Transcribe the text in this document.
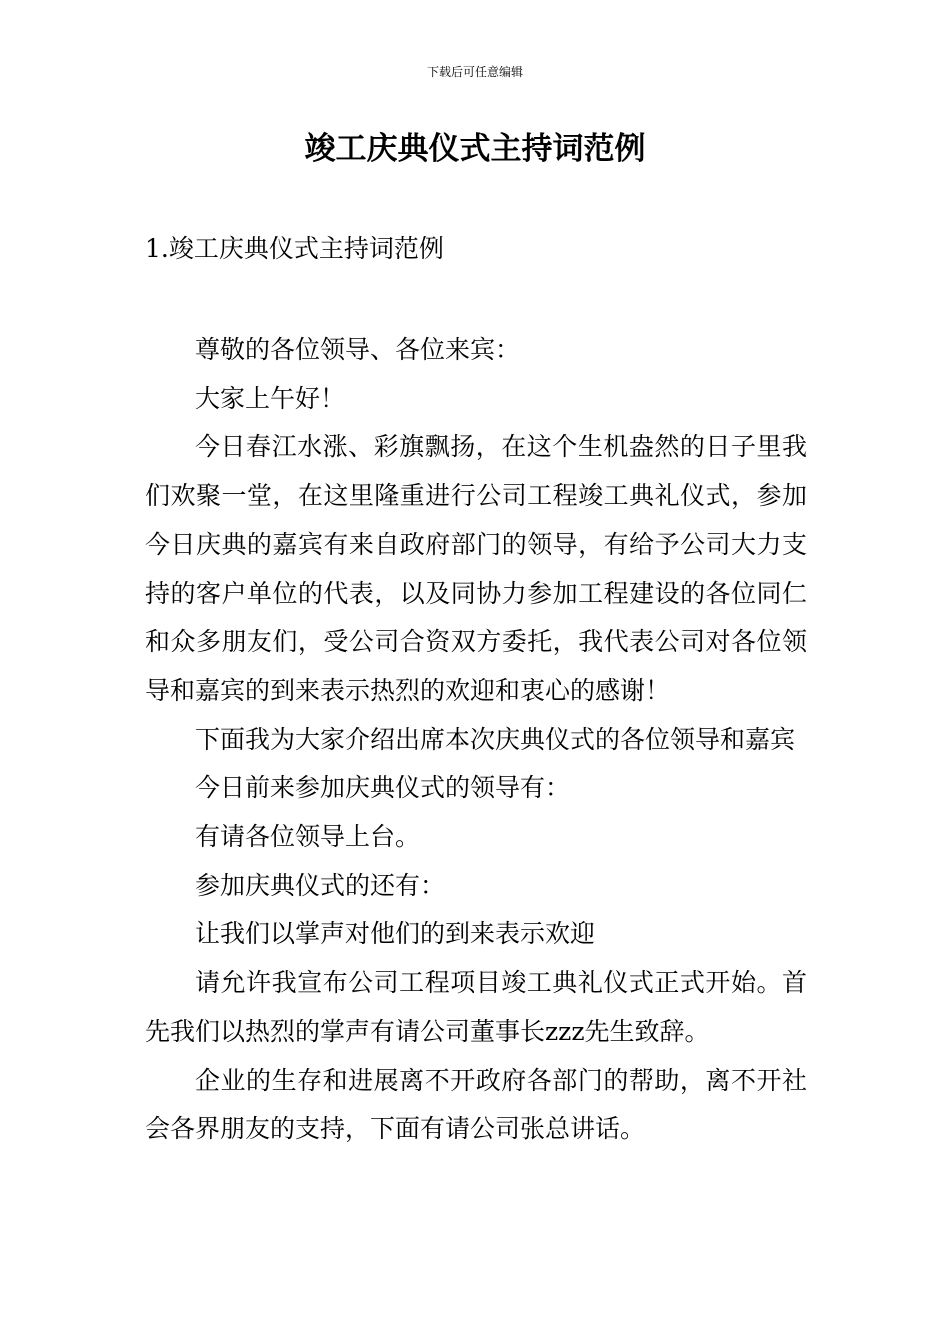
下载后可任意编辑
竣工庆典仪式主持词范例
1.竣工庆典仪式主持词范例

尊敬的各位领导、各位来宾：

大家上午好！

今日春江水涨、彩旗飘扬，在这个生机盎然的日子里我们欢聚一堂，在这里隆重进行公司工程竣工典礼仪式，参加今日庆典的嘉宾有来自政府部门的领导，有给予公司大力支持的客户单位的代表，以及同协力参加工程建设的各位同仁和众多朋友们，受公司合资双方委托，我代表公司对各位领导和嘉宾的到来表示热烈的欢迎和衷心的感谢！

下面我为大家介绍出席本次庆典仪式的各位领导和嘉宾

今日前来参加庆典仪式的领导有：

有请各位领导上台。

参加庆典仪式的还有：

让我们以掌声对他们的到来表示欢迎

请允许我宣布公司工程项目竣工典礼仪式正式开始。首先我们以热烈的掌声有请公司董事长zzz先生致辞。

企业的生存和进展离不开政府各部门的帮助，离不开社会各界朋友的支持，下面有请公司张总讲话。
